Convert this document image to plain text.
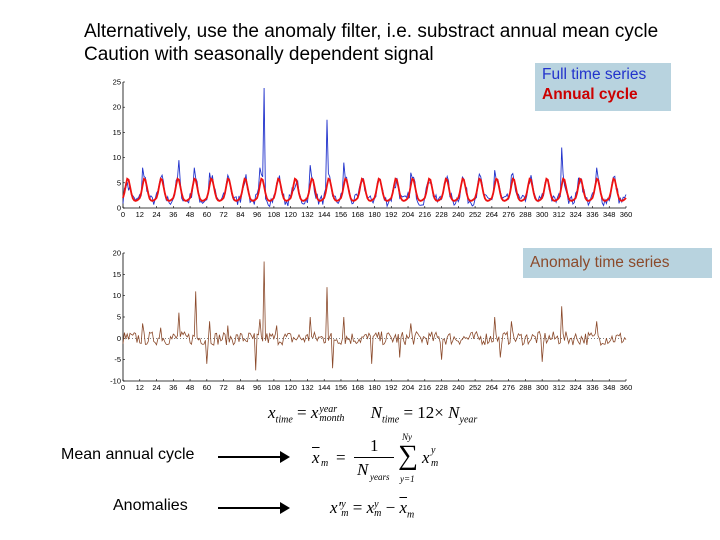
Alternatively, use the anomaly filter, i.e. substract annual mean cycle
Caution with seasonally dependent signal
0 12 24 36 48 60 72 84 96 108 120 132 144 156 168 180 192 204 216 228 240 252 264 276 288 300 312 324 336 348 360
0
5
10
15
20
25
0 12 24 36 48 60 72 84 96 108 120 132 144 156 168 180 192 204 216 228 240 252 264 276 288 300 312 324 336 348 360
-10
-5
0
5
10
15
20
Full time series
Annual cycle
Anomaly time series
$x_{time} = x$ year
month $N_{time} = 12\times N_{year}$
$\overline{x}$ m =
1
N years
Ny
∑
y=1
x y
m
x′ y
m = x y
$m - \overline{x}_m$
Mean annual cycle
Anomalies
